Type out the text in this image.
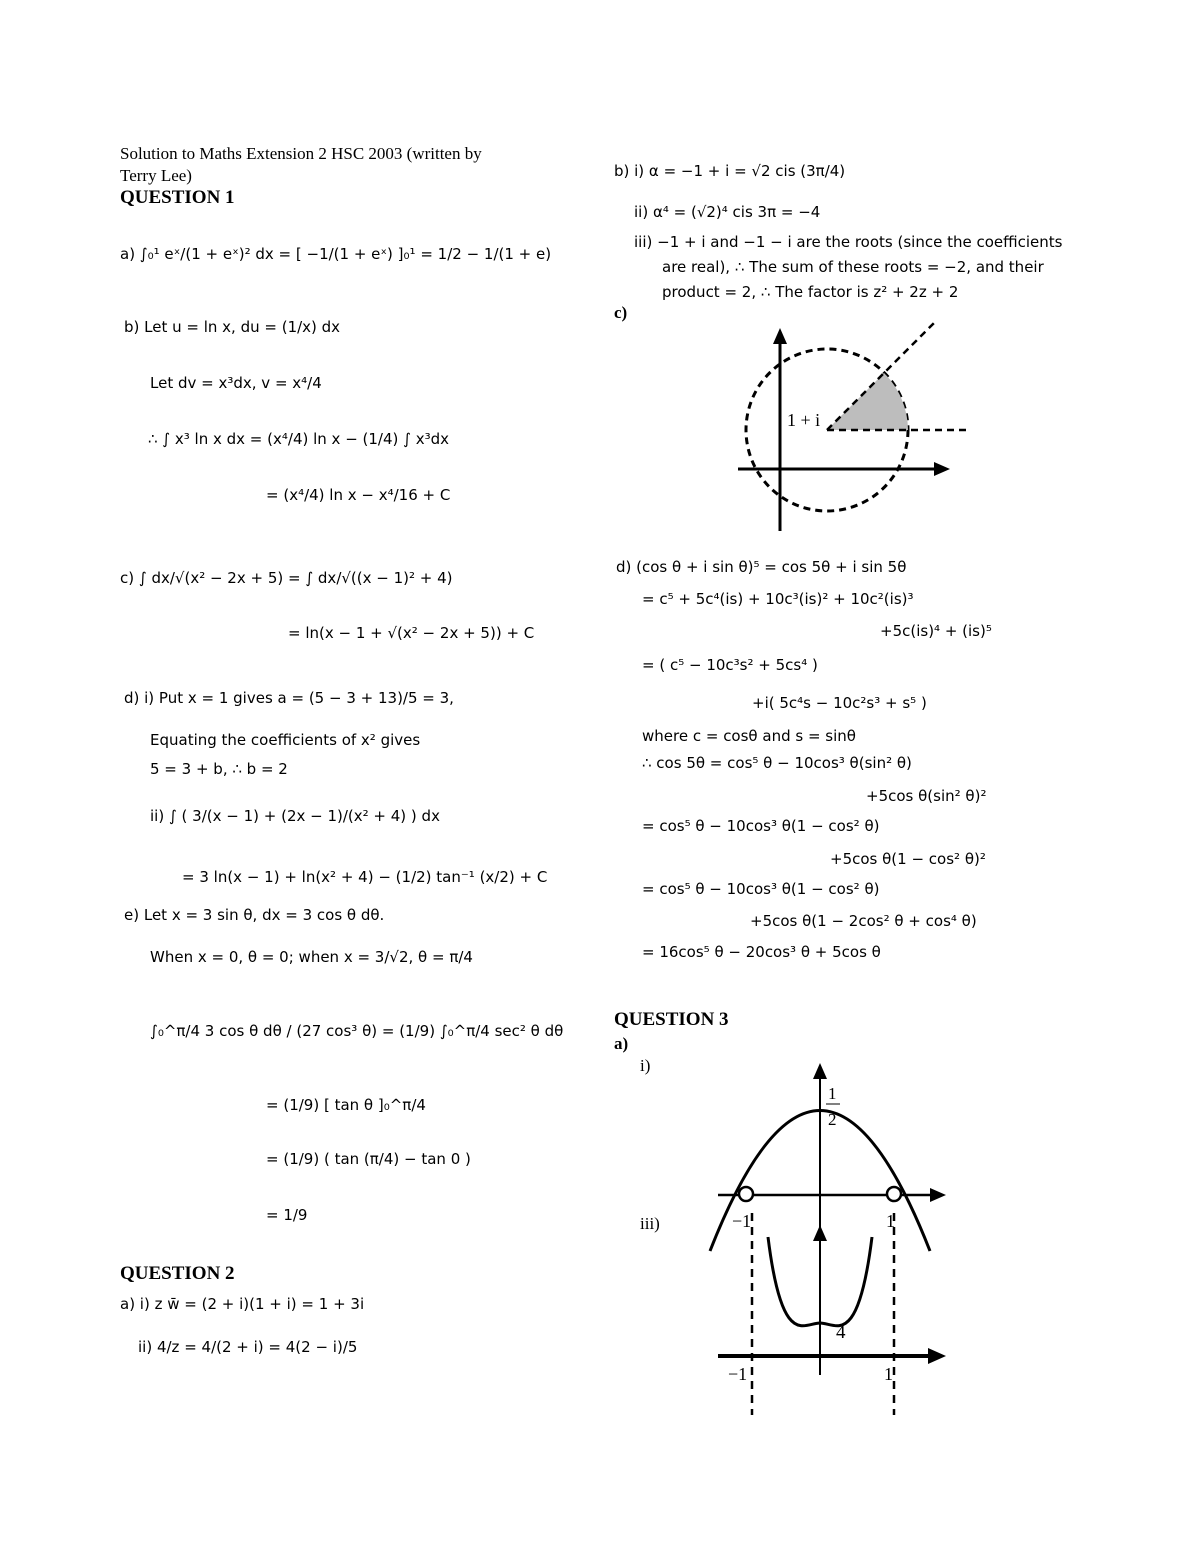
Solution to Maths Extension 2 HSC 2003 (written by
Terry Lee)
QUESTION 1
a) ∫₀¹ eˣ/(1 + eˣ)² dx = [ −1/(1 + eˣ) ]₀¹ = 1/2 − 1/(1 + e)
b) Let u = ln x, du = (1/x) dx
Let dv = x³dx, v = x⁴/4
∴ ∫ x³ ln x dx = (x⁴/4) ln x − (1/4) ∫ x³dx
= (x⁴/4) ln x − x⁴/16 + C
c) ∫ dx/√(x² − 2x + 5) = ∫ dx/√((x − 1)² + 4)
= ln(x − 1 + √(x² − 2x + 5)) + C
d) i) Put x = 1 gives a = (5 − 3 + 13)/5 = 3,
Equating the coefficients of x² gives
5 = 3 + b, ∴ b = 2
ii) ∫ ( 3/(x − 1) + (2x − 1)/(x² + 4) ) dx
= 3 ln(x − 1) + ln(x² + 4) − (1/2) tan⁻¹ (x/2) + C
e) Let x = 3 sin θ, dx = 3 cos θ dθ.
When x = 0, θ = 0; when x = 3/√2, θ = π/4
∫₀^π/4 3 cos θ dθ / (27 cos³ θ) = (1/9) ∫₀^π/4 sec² θ dθ
= (1/9) [ tan θ ]₀^π/4
= (1/9) ( tan (π/4) − tan 0 )
= 1/9
QUESTION 2
a) i) z w̄ = (2 + i)(1 + i) = 1 + 3i
ii) 4/z = 4/(2 + i) = 4(2 − i)/5
b) i) α = −1 + i = √2 cis (3π/4)
ii) α⁴ = (√2)⁴ cis 3π = −4
iii) −1 + i and −1 − i are the roots (since the coefficients
are real), ∴ The sum of these roots = −2, and their
product = 2, ∴ The factor is z² + 2z + 2
c)
1 + i
d) (cos θ + i sin θ)⁵ = cos 5θ + i sin 5θ
= c⁵ + 5c⁴(is) + 10c³(is)² + 10c²(is)³
+5c(is)⁴ + (is)⁵
= ( c⁵ − 10c³s² + 5cs⁴ )
+i( 5c⁴s − 10c²s³ + s⁵ )
where c = cosθ and s = sinθ
∴ cos 5θ = cos⁵ θ − 10cos³ θ(sin² θ)
+5cos θ(sin² θ)²
= cos⁵ θ − 10cos³ θ(1 − cos² θ)
+5cos θ(1 − cos² θ)²
= cos⁵ θ − 10cos³ θ(1 − cos² θ)
+5cos θ(1 − 2cos² θ + cos⁴ θ)
= 16cos⁵ θ − 20cos³ θ + 5cos θ
QUESTION 3
a)
i)
iii)
1
2
−1	1
4
−1	1
